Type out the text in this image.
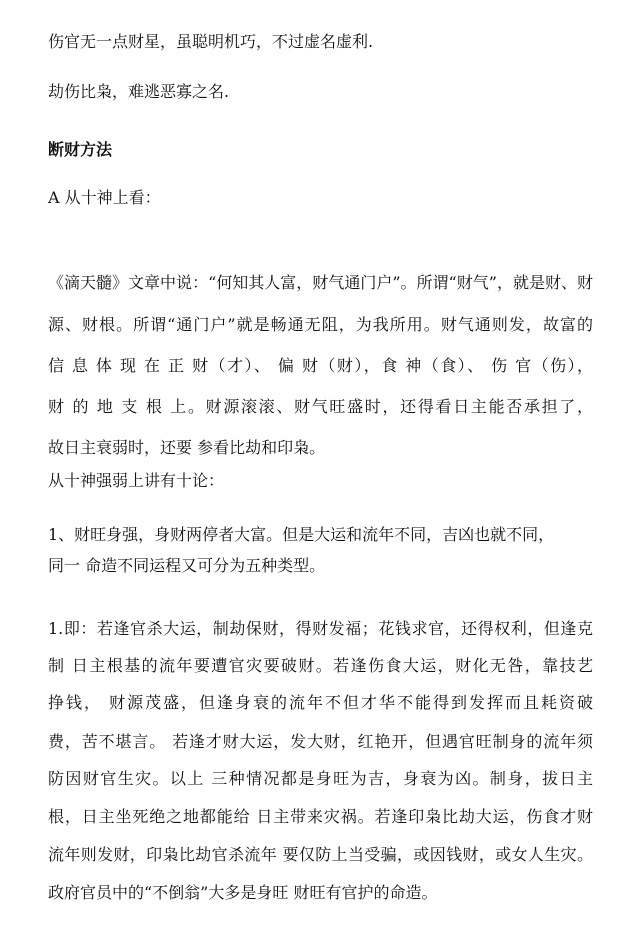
伤官无一点财星，虽聪明机巧，不过虚名虚利.

劫伤比枭，难逃恶寡之名.

断财方法

A 从十神上看：

《滴天髓》文章中说：“何知其人富，财气通门户”。所谓“财气”，就是财、财

源、财根。所谓“通门户”就是畅通无阻，为我所用。财气通则发，故富的

信 息 体 现 在 正 财（才）、 偏 财（财），食 神（食）、 伤 官（伤），

财 的 地 支 根 上。财源滚滚、财气旺盛时，还得看日主能否承担了，

故日主衰弱时，还要 参看比劫和印枭。

从十神强弱上讲有十论：

1、财旺身强，身财两停者大富。但是大运和流年不同，吉凶也就不同，

同一 命造不同运程又可分为五种类型。

1.即：若逢官杀大运，制劫保财，得财发福；花钱求官，还得权利，但逢克

制 日主根基的流年要遭官灾要破财。若逢伤食大运，财化无咎，靠技艺

挣钱， 财源茂盛，但逢身衰的流年不但才华不能得到发挥而且耗资破

费，苦不堪言。 若逢才财大运，发大财，红艳开，但遇官旺制身的流年须

防因财官生灾。以上 三种情况都是身旺为吉，身衰为凶。制身，拔日主

根，日主坐死绝之地都能给 日主带来灾祸。若逢印枭比劫大运，伤食才财

流年则发财，印枭比劫官杀流年 要仅防上当受骗，或因钱财，或女人生灾。

政府官员中的“不倒翁”大多是身旺 财旺有官护的命造。
